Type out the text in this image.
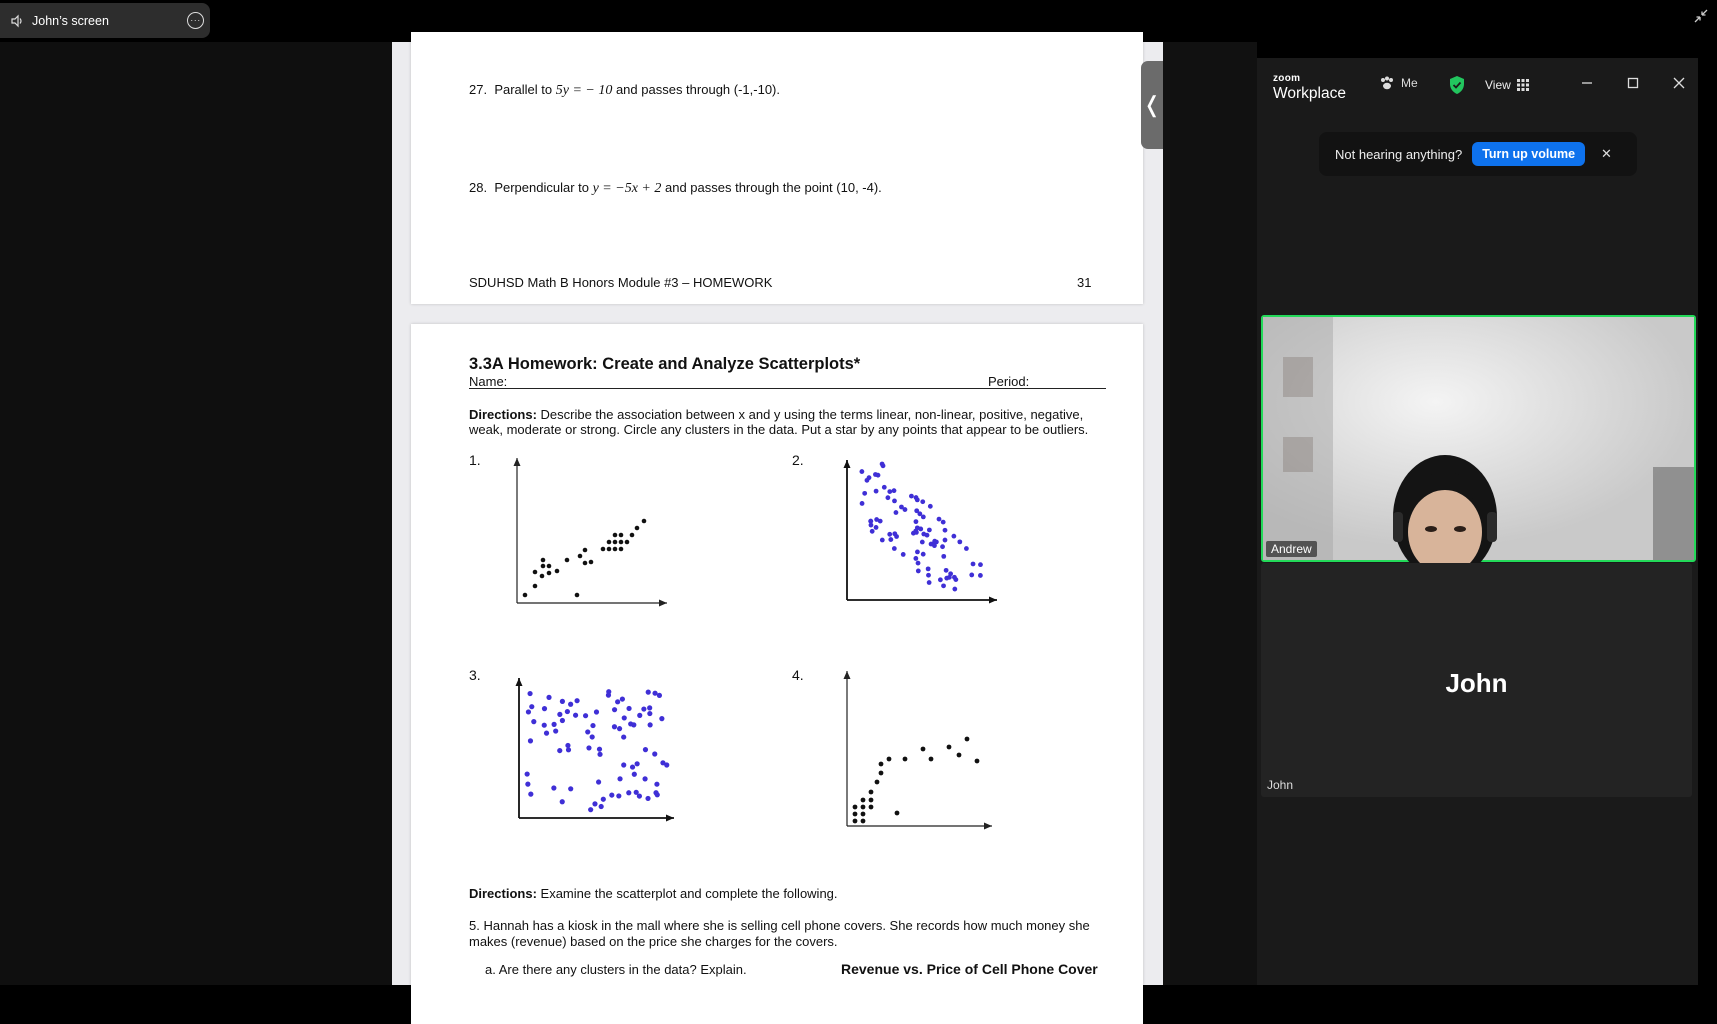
John’s screen	···
27. Parallel to 5y = − 10 and passes through (-1,-10).
28. Perpendicular to y = −5x + 2 and passes through the point (10, -4).
SDUHSD Math B Honors Module #3 – HOMEWORK	31
3.3A Homework: Create and Analyze Scatterplots*
Name:	Period:
Directions: Describe the association between x and y using the terms linear, non-linear, positive, negative, weak, moderate or strong. Circle any clusters in the data. Put a star by any points that appear to be outliers.
1.	2.
3.	4.
Directions: Examine the scatterplot and complete the following.
5. Hannah has a kiosk in the mall where she is selling cell phone covers. She records how much money she makes (revenue) based on the price she charges for the covers.
a. Are there any clusters in the data? Explain.	Revenue vs. Price of Cell Phone Cover
❬
zoom
Workplace
Me	View
Not hearing anything?	Turn up volume	✕
Andrew
John
John
